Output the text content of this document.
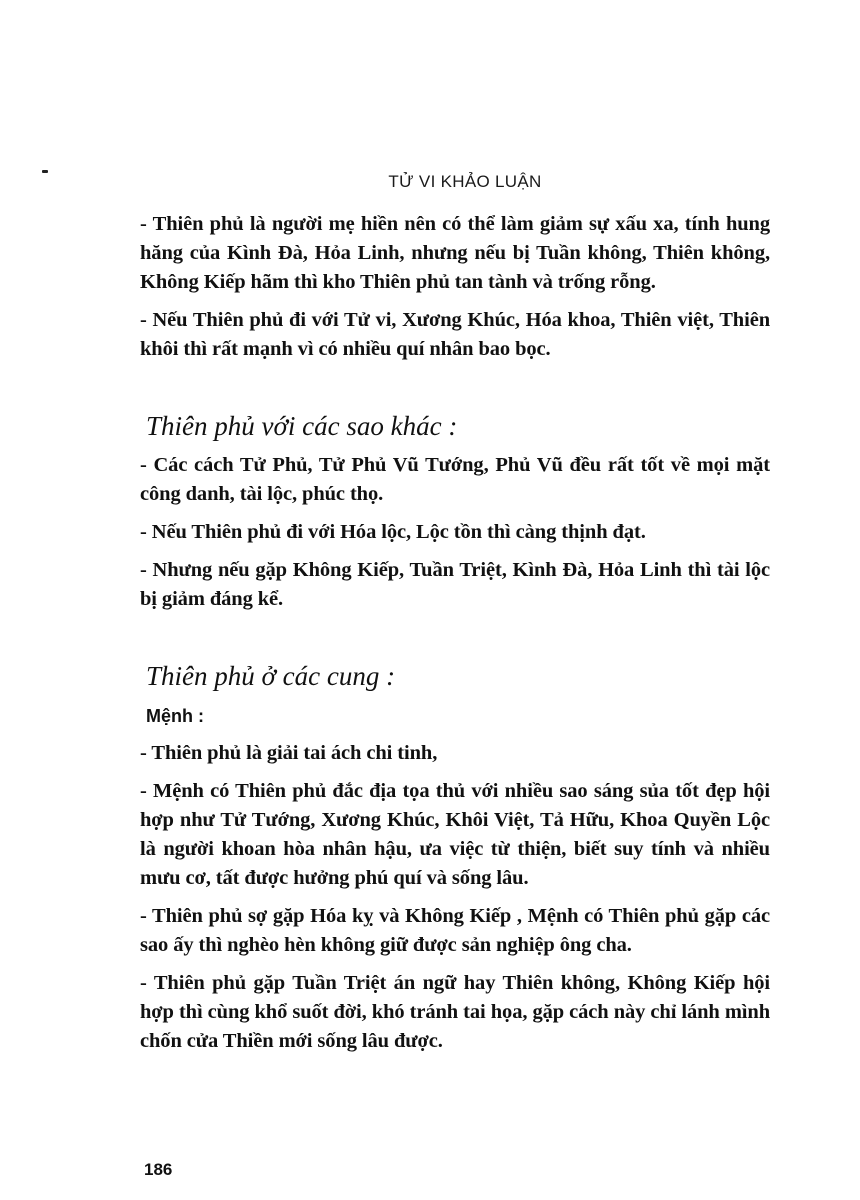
TỬ VI KHẢO LUẬN

- Thiên phủ là người mẹ hiền nên có thể làm giảm sự xấu xa, tính hung hăng của Kình Đà, Hỏa Linh, nhưng nếu bị Tuần không, Thiên không, Không Kiếp hãm thì kho Thiên phủ tan tành và trống rỗng.

- Nếu Thiên phủ đi với Tử vi, Xương Khúc, Hóa khoa, Thiên việt, Thiên khôi thì rất mạnh vì có nhiều quí nhân bao bọc.

Thiên phủ với các sao khác :

- Các cách Tử Phủ, Tử Phủ Vũ Tướng, Phủ Vũ đều rất tốt về mọi mặt công danh, tài lộc, phúc thọ.

- Nếu Thiên phủ đi với Hóa lộc, Lộc tồn thì càng thịnh đạt.

- Nhưng nếu gặp Không Kiếp, Tuần Triệt, Kình Đà, Hỏa Linh thì tài lộc bị giảm đáng kể.

Thiên phủ ở các cung :
Mệnh :

- Thiên phủ là giải tai ách chi tinh,

- Mệnh có Thiên phủ đắc địa tọa thủ với nhiều sao sáng sủa tốt đẹp hội hợp như Tử Tướng, Xương Khúc, Khôi Việt, Tả Hữu, Khoa Quyền Lộc là người khoan hòa nhân hậu, ưa việc từ thiện, biết suy tính và nhiều mưu cơ, tất được hưởng phú quí và sống lâu.

- Thiên phủ sợ gặp Hóa kỵ và Không Kiếp , Mệnh có Thiên phủ gặp các sao ấy thì nghèo hèn không giữ được sản nghiệp ông cha.

- Thiên phủ gặp Tuần Triệt án ngữ hay Thiên không, Không Kiếp hội hợp thì cùng khổ suốt đời, khó tránh tai họa, gặp cách này chỉ lánh mình chốn cửa Thiền mới sống lâu được.

186
